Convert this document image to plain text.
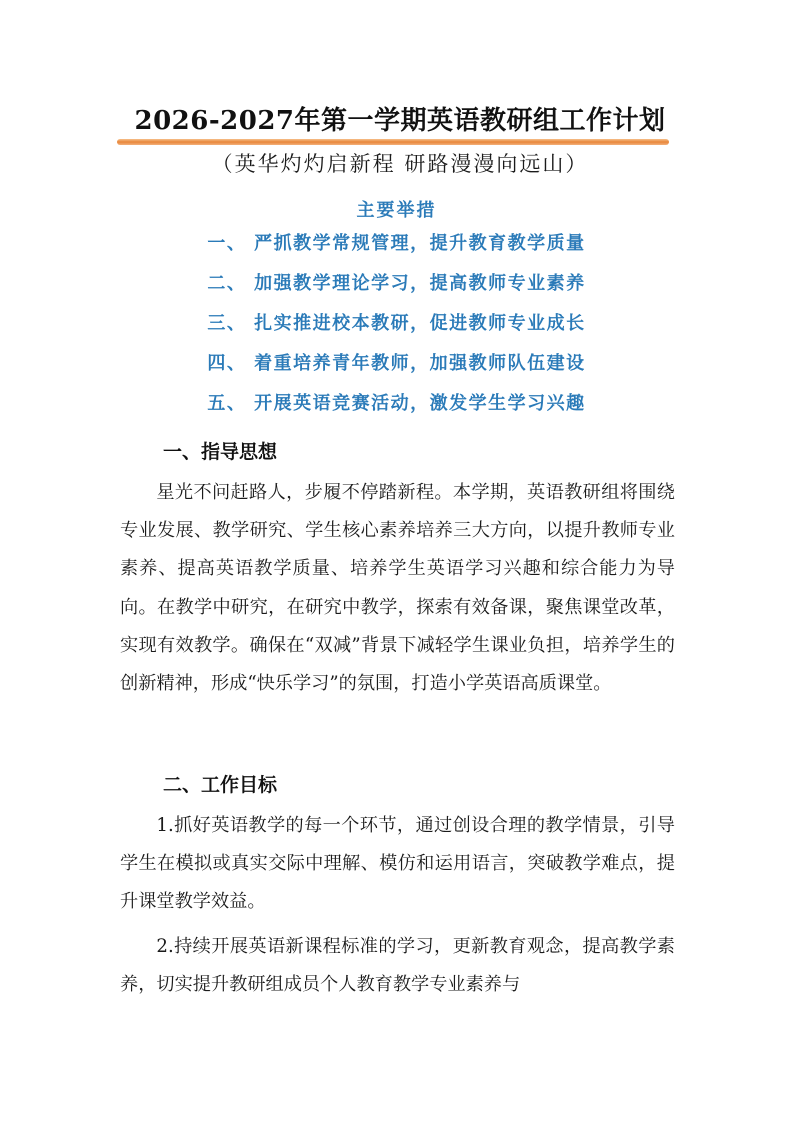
2026-2027年第一学期英语教研组工作计划
（英华灼灼启新程 研路漫漫向远山）
主要举措
一、 严抓教学常规管理，提升教育教学质量
二、 加强教学理论学习，提高教师专业素养
三、 扎实推进校本教研，促进教师专业成长
四、 着重培养青年教师，加强教师队伍建设
五、 开展英语竞赛活动，激发学生学习兴趣
一、指导思想

星光不问赶路人，步履不停踏新程。本学期，英语教研组将围绕专业发展、教学研究、学生核心素养培养三大方向，以提升教师专业素养、提高英语教学质量、培养学生英语学习兴趣和综合能力为导向。在教学中研究，在研究中教学，探索有效备课，聚焦课堂改革，实现有效教学。确保在“双减”背景下减轻学生课业负担，培养学生的创新精神，形成“快乐学习”的氛围，打造小学英语高质课堂。

二、工作目标

1.抓好英语教学的每一个环节，通过创设合理的教学情景，引导学生在模拟或真实交际中理解、模仿和运用语言，突破教学难点，提升课堂教学效益。

2.持续开展英语新课程标准的学习，更新教育观念，提高教学素养，切实提升教研组成员个人教育教学专业素养与
